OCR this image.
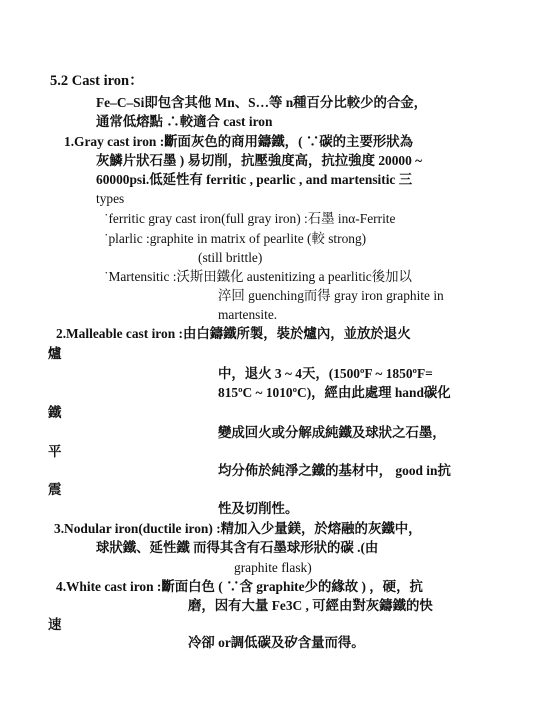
5.2 Cast iron：
Fe–C–Si即包含其他 Mn、S…等 n種百分比較少的合金，
通常低熔點 ∴較適合 cast iron
1.Gray cast iron :斷面灰色的商用鑄鐵，( ∵碳的主要形狀為
灰鱗片狀石墨 ) 易切削，抗壓強度高，抗拉強度 20000 ~
60000psi.低延性有 ferritic , pearlic , and martensitic 三
types
˙ferritic gray cast iron(full gray iron) :石墨 inα-Ferrite
˙plarlic :graphite in matrix of pearlite (較 strong)
(still brittle)
˙Martensitic :沃斯田鐵化 austenitizing a pearlitic後加以
淬回 guenching而得 gray iron graphite in
martensite.
2.Malleable cast iron :由白鑄鐵所製，裝於爐內，並放於退火
爐
中，退火 3 ~ 4天，(1500ºF ~ 1850ºF=
815ºC ~ 1010ºC)，經由此處理 hand碳化
鐵
變成回火或分解成純鐵及球狀之石墨，
平
均分佈於純淨之鐵的基材中， good in抗
震
性及切削性。
3.Nodular iron(ductile iron) :精加入少量鎂，於熔融的灰鐵中，
球狀鐵、延性鐵 而得其含有石墨球形狀的碳 .(由
graphite flask)
4.White cast iron :斷面白色 ( ∵含 graphite少的緣故 ) ，硬，抗
磨，因有大量 Fe3C , 可經由對灰鑄鐵的快
速
冷卻 or調低碳及矽含量而得。
